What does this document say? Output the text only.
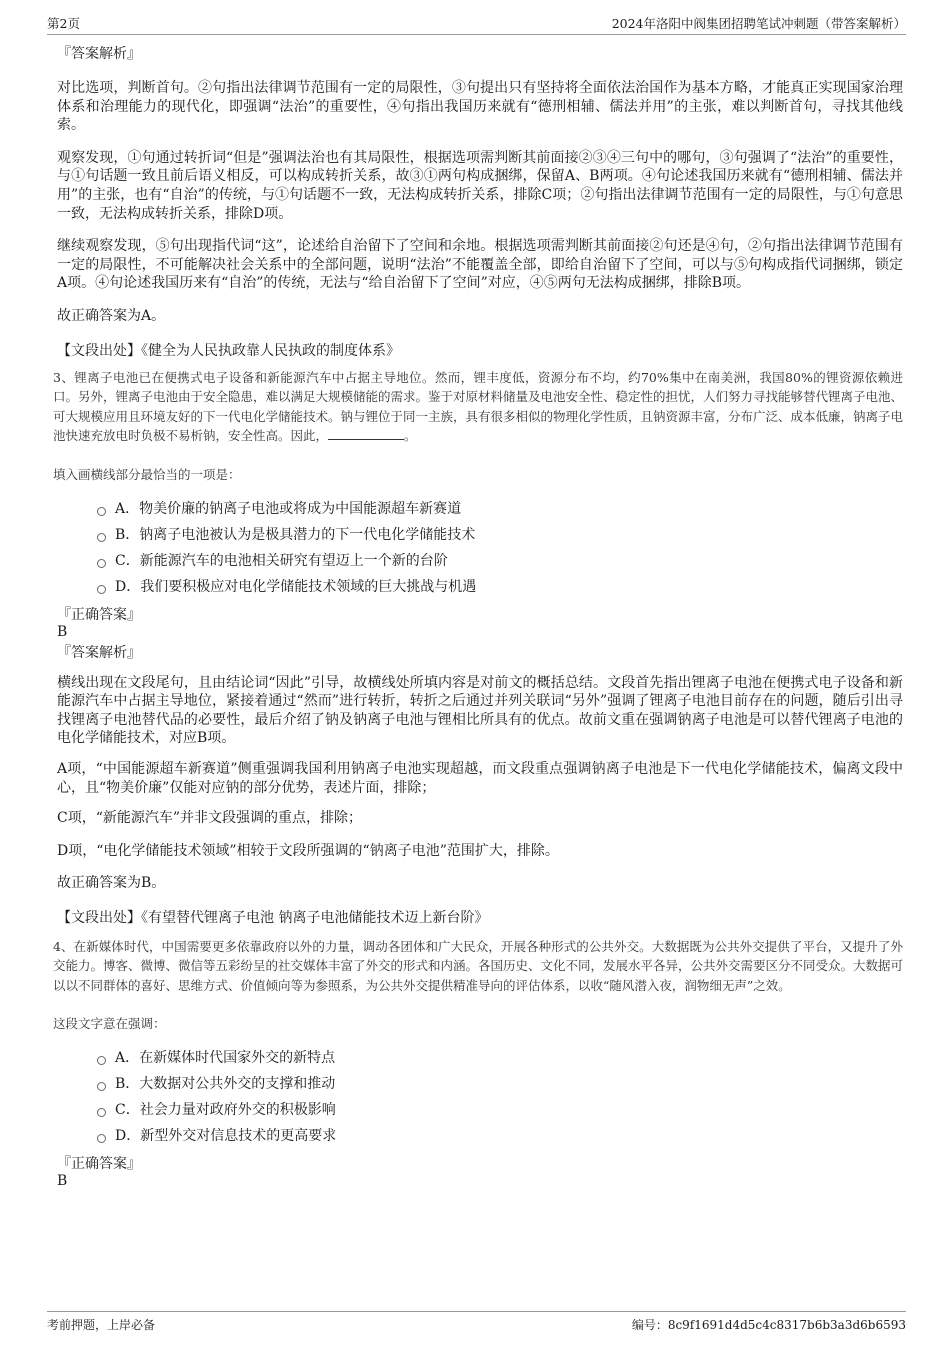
第2页	2024年洛阳中阀集团招聘笔试冲刺题（带答案解析）

『答案解析』

对比选项，判断首句。②句指出法律调节范围有一定的局限性，③句提出只有坚持将全面依法治国作为基本方略，才能真正实现国家治理体系和治理能力的现代化，即强调“法治”的重要性，④句指出我国历来就有“德刑相辅、儒法并用”的主张，难以判断首句，寻找其他线索。

观察发现，①句通过转折词“但是”强调法治也有其局限性，根据选项需判断其前面接②③④三句中的哪句，③句强调了“法治”的重要性，与①句话题一致且前后语义相反，可以构成转折关系，故③①两句构成捆绑，保留A、B两项。④句论述我国历来就有“德刑相辅、儒法并用”的主张，也有“自治”的传统，与①句话题不一致，无法构成转折关系，排除C项；②句指出法律调节范围有一定的局限性，与①句意思一致，无法构成转折关系，排除D项。

继续观察发现，⑤句出现指代词“这”，论述给自治留下了空间和余地。根据选项需判断其前面接②句还是④句，②句指出法律调节范围有一定的局限性，不可能解决社会关系中的全部问题，说明“法治”不能覆盖全部，即给自治留下了空间，可以与⑤句构成指代词捆绑，锁定A项。④句论述我国历来有“自治”的传统，无法与“给自治留下了空间”对应，④⑤两句无法构成捆绑，排除B项。

故正确答案为A。

【文段出处】《健全为人民执政靠人民执政的制度体系》

3、锂离子电池已在便携式电子设备和新能源汽车中占据主导地位。然而，锂丰度低，资源分布不均，约70%集中在南美洲，我国80%的锂资源依赖进口。另外，锂离子电池由于安全隐患，难以满足大规模储能的需求。鉴于对原材料储量及电池安全性、稳定性的担忧，人们努力寻找能够替代锂离子电池、可大规模应用且环境友好的下一代电化学储能技术。钠与锂位于同一主族，具有很多相似的物理化学性质，且钠资源丰富，分布广泛、成本低廉，钠离子电池快速充放电时负极不易析钠，安全性高。因此，	。

填入画横线部分最恰当的一项是：

A．物美价廉的钠离子电池或将成为中国能源超车新赛道
B．钠离子电池被认为是极具潜力的下一代电化学储能技术
C．新能源汽车的电池相关研究有望迈上一个新的台阶
D．我们要积极应对电化学储能技术领域的巨大挑战与机遇

『正确答案』

B

『答案解析』

横线出现在文段尾句，且由结论词“因此”引导，故横线处所填内容是对前文的概括总结。文段首先指出锂离子电池在便携式电子设备和新能源汽车中占据主导地位，紧接着通过“然而”进行转折，转折之后通过并列关联词“另外”强调了锂离子电池目前存在的问题，随后引出寻找锂离子电池替代品的必要性，最后介绍了钠及钠离子电池与锂相比所具有的优点。故前文重在强调钠离子电池是可以替代锂离子电池的电化学储能技术，对应B项。

A项，“中国能源超车新赛道”侧重强调我国利用钠离子电池实现超越，而文段重点强调钠离子电池是下一代电化学储能技术，偏离文段中心，且“物美价廉”仅能对应钠的部分优势，表述片面，排除；

C项，“新能源汽车”并非文段强调的重点，排除；

D项，“电化学储能技术领域”相较于文段所强调的“钠离子电池”范围扩大，排除。

故正确答案为B。

【文段出处】《有望替代锂离子电池 钠离子电池储能技术迈上新台阶》

4、在新媒体时代，中国需要更多依靠政府以外的力量，调动各团体和广大民众，开展各种形式的公共外交。大数据既为公共外交提供了平台，又提升了外交能力。博客、微博、微信等五彩纷呈的社交媒体丰富了外交的形式和内涵。各国历史、文化不同，发展水平各异，公共外交需要区分不同受众。大数据可以以不同群体的喜好、思维方式、价值倾向等为参照系，为公共外交提供精准导向的评估体系，以收“随风潜入夜，润物细无声”之效。

这段文字意在强调：

A．在新媒体时代国家外交的新特点
B．大数据对公共外交的支撑和推动
C．社会力量对政府外交的积极影响
D．新型外交对信息技术的更高要求

『正确答案』

B

考前押题，上岸必备	编号：8c9f1691d4d5c4c8317b6b3a3d6b6593
